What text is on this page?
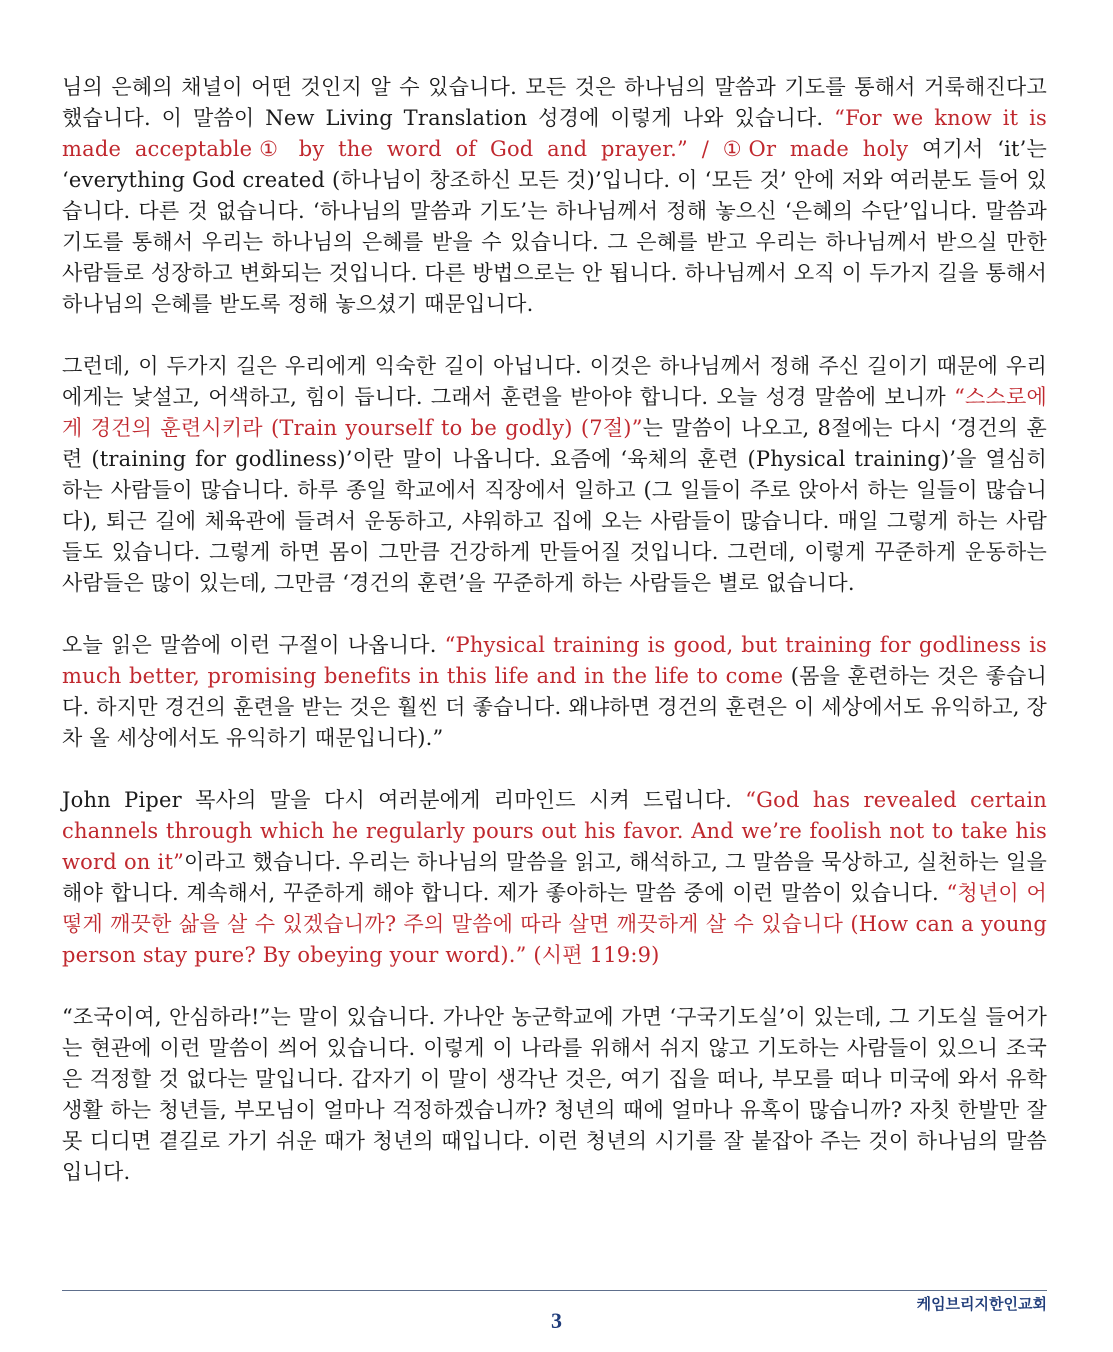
님의 은혜의 채널이 어떤 것인지 알 수 있습니다. 모든 것은 하나님의 말씀과 기도를 통해서 거룩해진다고 했습니다. 이 말씀이 New Living Translation 성경에 이렇게 나와 있습니다. “For we know it is made acceptable① by the word of God and prayer.” / ①Or made holy 여기서 ‘it’는 ‘everything God created (하나님이 창조하신 모든 것)’입니다. 이 ‘모든 것’ 안에 저와 여러분도 들어 있습니다. 다른 것 없습니다. ‘하나님의 말씀과 기도’는 하나님께서 정해 놓으신 ‘은혜의 수단’입니다. 말씀과 기도를 통해서 우리는 하나님의 은혜를 받을 수 있습니다. 그 은혜를 받고 우리는 하나님께서 받으실 만한 사람들로 성장하고 변화되는 것입니다. 다른 방법으로는 안 됩니다. 하나님께서 오직 이 두가지 길을 통해서 하나님의 은혜를 받도록 정해 놓으셨기 때문입니다.

그런데, 이 두가지 길은 우리에게 익숙한 길이 아닙니다. 이것은 하나님께서 정해 주신 길이기 때문에 우리에게는 낯설고, 어색하고, 힘이 듭니다. 그래서 훈련을 받아야 합니다. 오늘 성경 말씀에 보니까 “스스로에게 경건의 훈련시키라 (Train yourself to be godly) (7절)”는 말씀이 나오고, 8절에는 다시 ‘경건의 훈련 (training for godliness)’이란 말이 나옵니다. 요즘에 ‘육체의 훈련 (Physical training)’을 열심히 하는 사람들이 많습니다. 하루 종일 학교에서 직장에서 일하고 (그 일들이 주로 앉아서 하는 일들이 많습니다), 퇴근 길에 체육관에 들려서 운동하고, 샤워하고 집에 오는 사람들이 많습니다. 매일 그렇게 하는 사람들도 있습니다. 그렇게 하면 몸이 그만큼 건강하게 만들어질 것입니다. 그런데, 이렇게 꾸준하게 운동하는 사람들은 많이 있는데, 그만큼 ‘경건의 훈련’을 꾸준하게 하는 사람들은 별로 없습니다.

오늘 읽은 말씀에 이런 구절이 나옵니다. “Physical training is good, but training for godliness is much better, promising benefits in this life and in the life to come (몸을 훈련하는 것은 좋습니다. 하지만 경건의 훈련을 받는 것은 훨씬 더 좋습니다. 왜냐하면 경건의 훈련은 이 세상에서도 유익하고, 장차 올 세상에서도 유익하기 때문입니다).”

John Piper 목사의 말을 다시 여러분에게 리마인드 시켜 드립니다. “God has revealed certain channels through which he regularly pours out his favor. And we’re foolish not to take his word on it”이라고 했습니다. 우리는 하나님의 말씀을 읽고, 해석하고, 그 말씀을 묵상하고, 실천하는 일을 해야 합니다. 계속해서, 꾸준하게 해야 합니다. 제가 좋아하는 말씀 중에 이런 말씀이 있습니다. “청년이 어떻게 깨끗한 삶을 살 수 있겠습니까? 주의 말씀에 따라 살면 깨끗하게 살 수 있습니다 (How can a young person stay pure? By obeying your word).” (시편 119:9)

“조국이여, 안심하라!”는 말이 있습니다. 가나안 농군학교에 가면 ‘구국기도실’이 있는데, 그 기도실 들어가는 현관에 이런 말씀이 씌어 있습니다. 이렇게 이 나라를 위해서 쉬지 않고 기도하는 사람들이 있으니 조국은 걱정할 것 없다는 말입니다. 갑자기 이 말이 생각난 것은, 여기 집을 떠나, 부모를 떠나 미국에 와서 유학생활 하는 청년들, 부모님이 얼마나 걱정하겠습니까? 청년의 때에 얼마나 유혹이 많습니까? 자칫 한발만 잘못 디디면 곁길로 가기 쉬운 때가 청년의 때입니다. 이런 청년의 시기를 잘 붙잡아 주는 것이 하나님의 말씀입니다.

케임브리지한인교회
3
